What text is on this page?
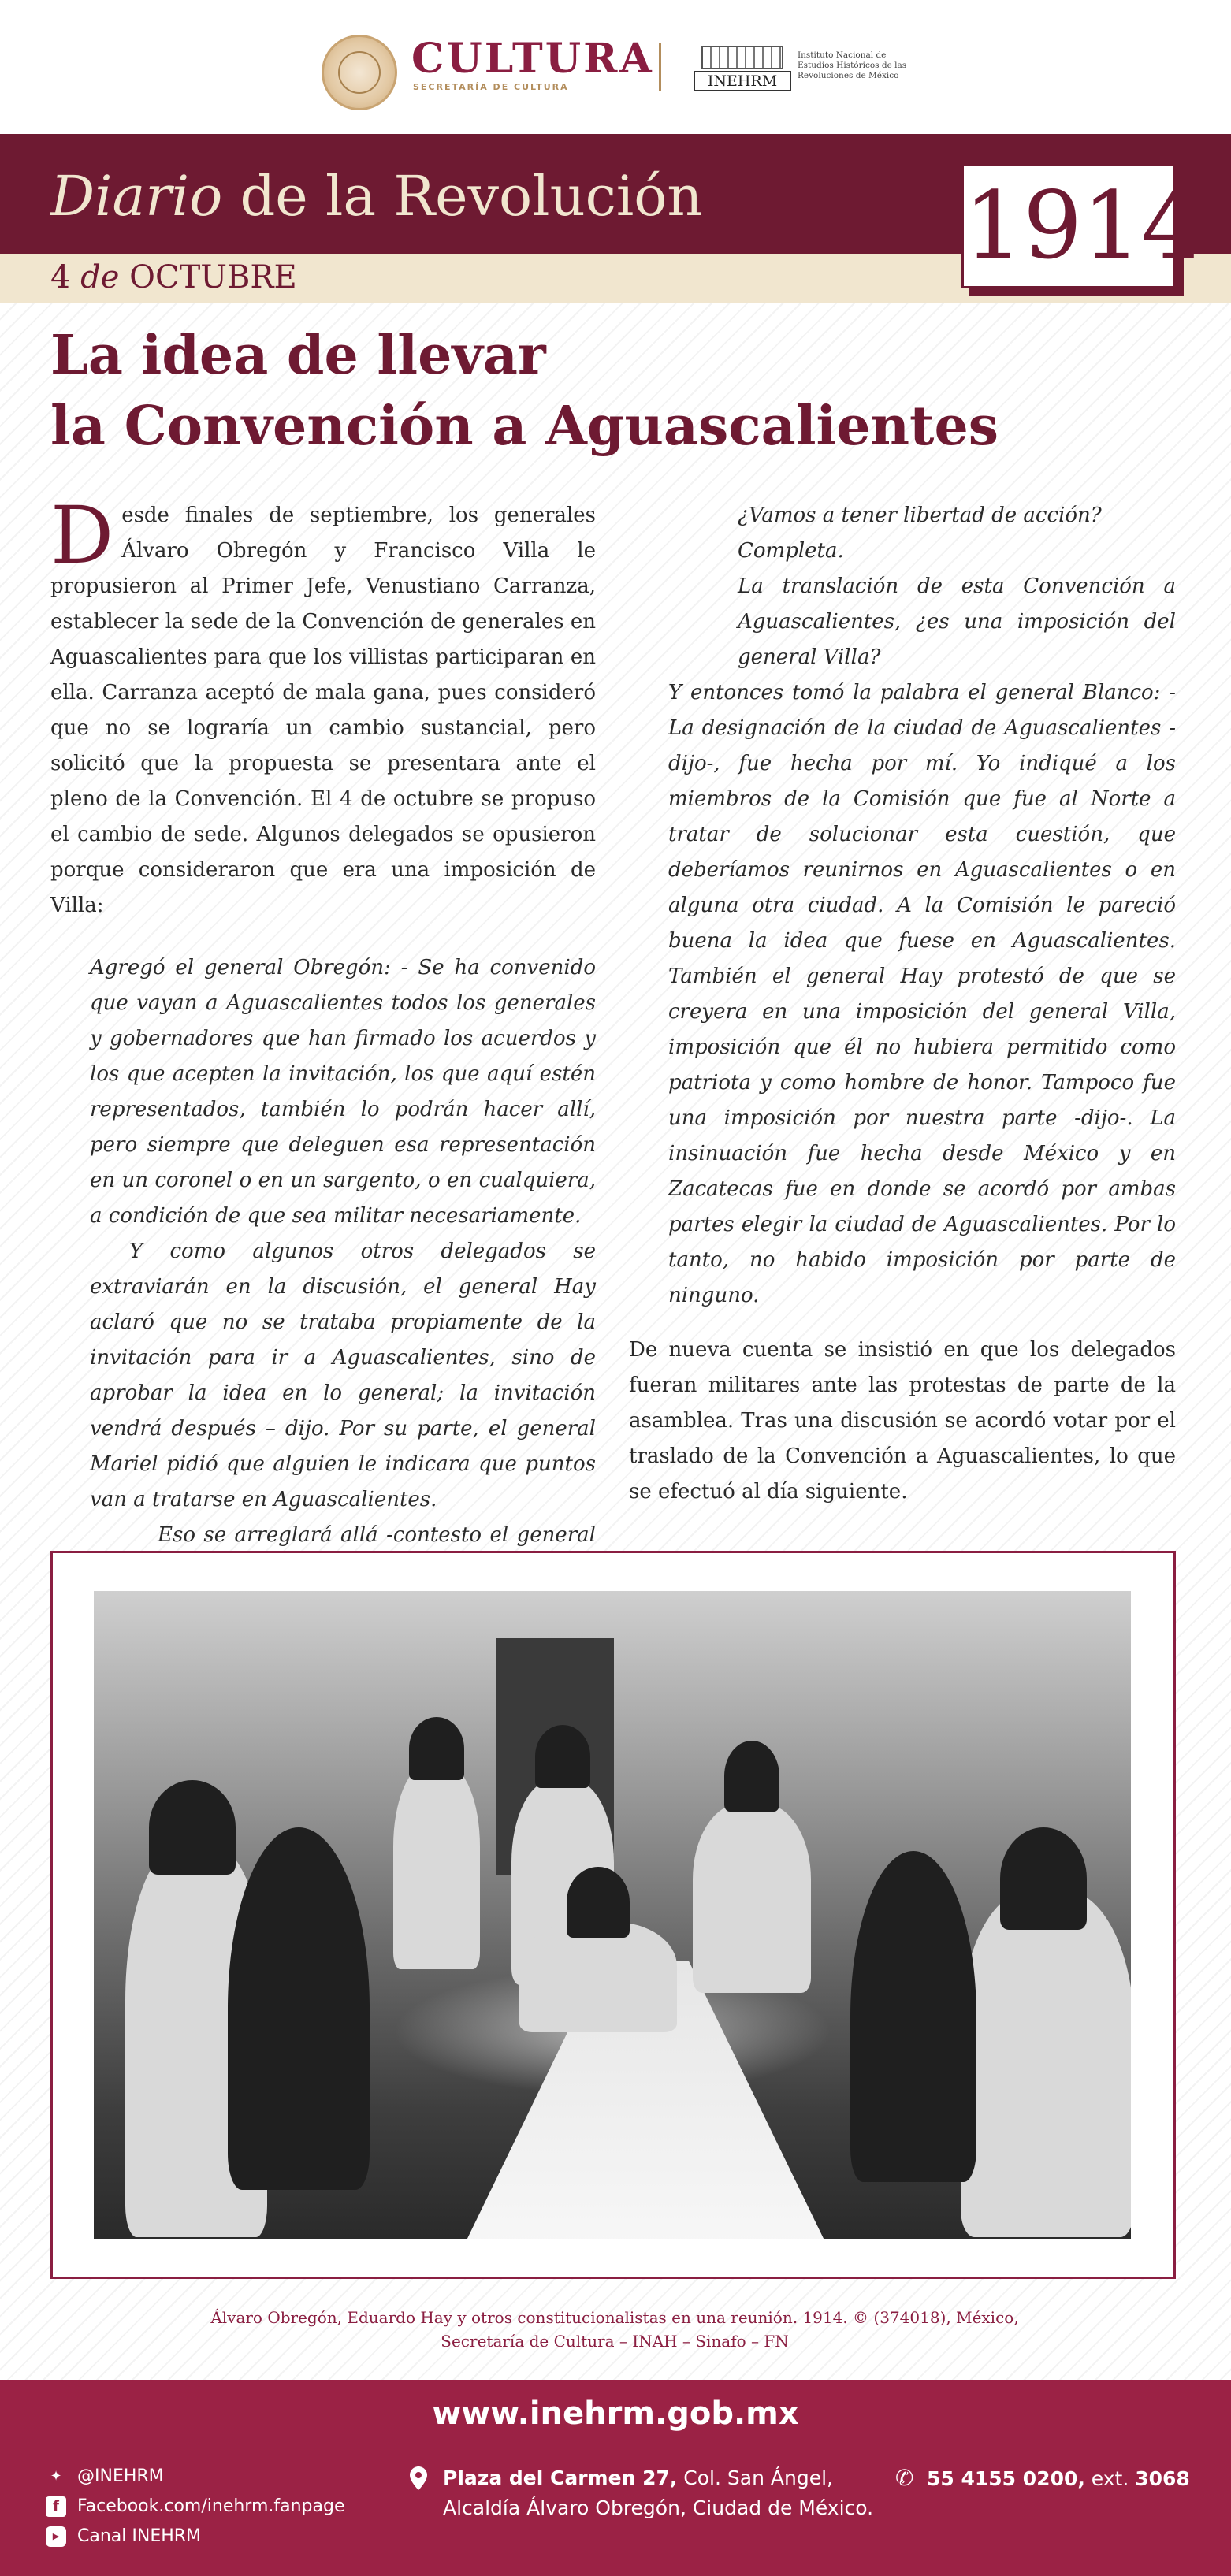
CULTURA
SECRETARÍA DE CULTURA	INEHRM
Instituto Nacional de
Estudios Históricos de las
Revoluciones de México
Diario de la Revolución
4 de OCTUBRE	1914
La idea de llevar
la Convención a Aguascalientes

Desde finales de septiembre, los generales Álvaro Obregón y Francisco Villa le propusieron al Primer Jefe, Venustiano Carranza, establecer la sede de la Convención de generales en Aguascalientes para que los villistas participaran en ella. Carranza aceptó de mala gana, pues consideró que no se lograría un cambio sustancial, pero solicitó que la propuesta se presentara ante el pleno de la Convención. El 4 de octubre se propuso el cambio de sede. Algunos delegados se opusieron porque consideraron que era una imposición de Villa:

Agregó el general Obregón: - Se ha convenido que vayan a Aguascalientes todos los generales y gobernadores que han firmado los acuerdos y los que acepten la invitación, los que aquí estén representados, también lo podrán hacer allí, pero siempre que deleguen esa representación en un coronel o en un sargento, o en cualquiera, a condición de que sea militar necesariamente.

Y como algunos otros delegados se extraviarán en la discusión, el general Hay aclaró que no se trataba propiamente de la invitación para ir a Aguascalientes, sino de aprobar la idea en lo general; la invitación vendrá después – dijo. Por su parte, el general Mariel pidió que alguien le indicara que puntos van a tratarse en Aguascalientes.

Eso se arreglará allá -contesto el general

¿Vamos a tener libertad de acción?

Completa.

La translación de esta Convención a Aguascalientes, ¿es una imposición del general Villa?

Y entonces tomó la palabra el general Blanco: -La designación de la ciudad de Aguascalientes -dijo-, fue hecha por mí. Yo indiqué a los miembros de la Comisión que fue al Norte a tratar de solucionar esta cuestión, que deberíamos reunirnos en Aguascalientes o en alguna otra ciudad. A la Comisión le pareció buena la idea que fuese en Aguascalientes. También el general Hay protestó de que se creyera en una imposición del general Villa, imposición que él no hubiera permitido como patriota y como hombre de honor. Tampoco fue una imposición por nuestra parte -dijo-. La insinuación fue hecha desde México y en Zacatecas fue en donde se acordó por ambas partes elegir la ciudad de Aguascalientes. Por lo tanto, no habido imposición por parte de ninguno.

De nueva cuenta se insistió en que los delegados fueran militares ante las protestas de parte de la asamblea. Tras una discusión se acordó votar por el traslado de la Convención a Aguascalientes, lo que se efectuó al día siguiente.

Álvaro Obregón, Eduardo Hay y otros constitucionalistas en una reunión. 1914. © (374018), México,
Secretaría de Cultura – INAH – Sinafo – FN
www.inehrm.gob.mx
✦ @INEHRM
f	Facebook.com/inehrm.fanpage
▶	Canal INEHRM
Plaza del Carmen 27, Col. San Ángel,
Alcaldía Álvaro Obregón, Ciudad de México.
✆ 55 4155 0200, ext. 3068
